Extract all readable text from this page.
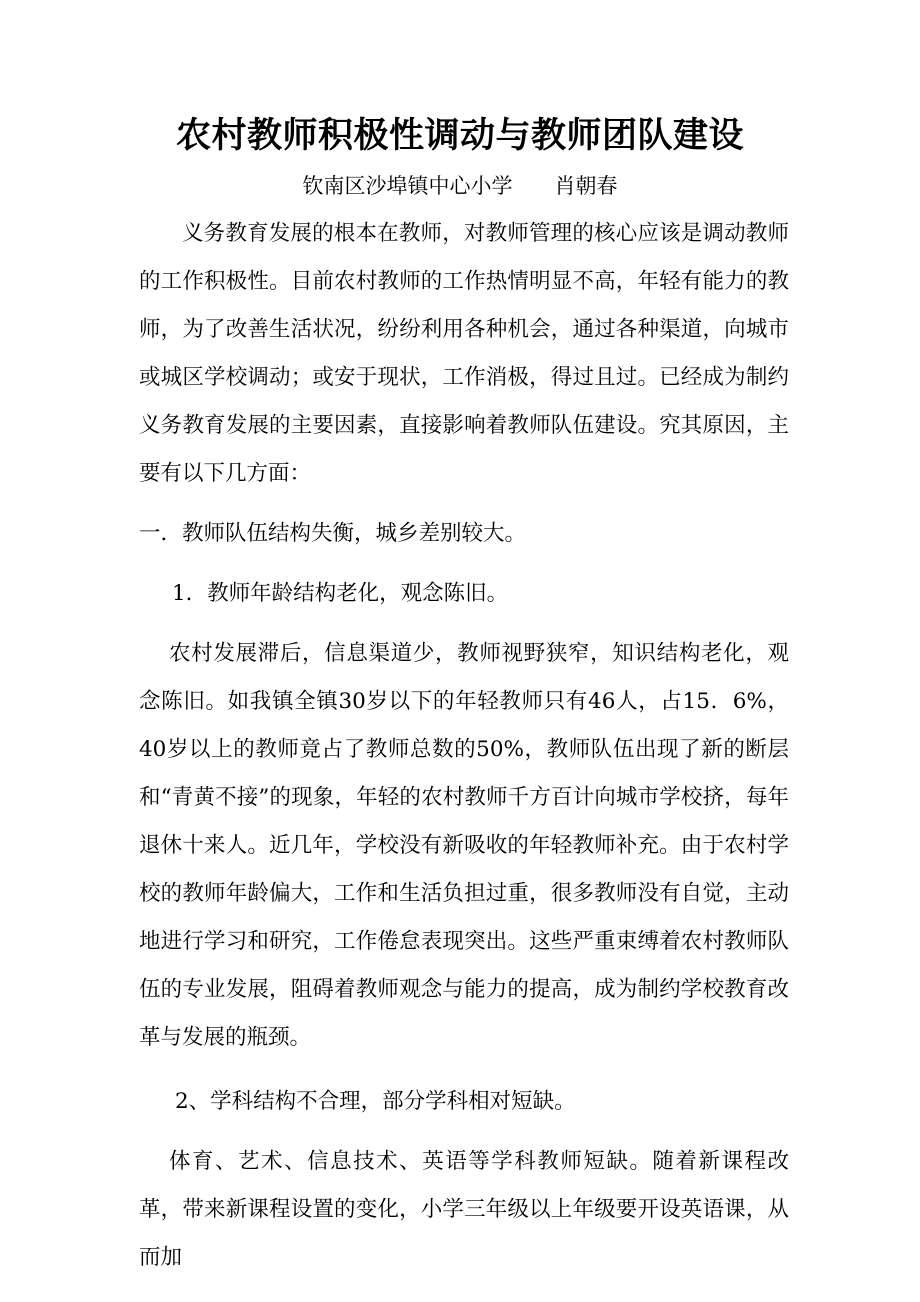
农村教师积极性调动与教师团队建设
钦南区沙埠镇中心小学 肖朝春

义务教育发展的根本在教师，对教师管理的核心应该是调动教师的工作积极性。目前农村教师的工作热情明显不高，年轻有能力的教师，为了改善生活状况，纷纷利用各种机会，通过各种渠道，向城市或城区学校调动；或安于现状，工作消极，得过且过。已经成为制约义务教育发展的主要因素，直接影响着教师队伍建设。究其原因，主要有以下几方面：

一．教师队伍结构失衡，城乡差别较大。

1．教师年龄结构老化，观念陈旧。

农村发展滞后，信息渠道少，教师视野狭窄，知识结构老化，观念陈旧。如我镇全镇30岁以下的年轻教师只有46人，占15．6%，40岁以上的教师竟占了教师总数的50%，教师队伍出现了新的断层和“青黄不接”的现象，年轻的农村教师千方百计向城市学校挤，每年退休十来人。近几年，学校没有新吸收的年轻教师补充。由于农村学校的教师年龄偏大，工作和生活负担过重，很多教师没有自觉，主动地进行学习和研究，工作倦怠表现突出。这些严重束缚着农村教师队伍的专业发展，阻碍着教师观念与能力的提高，成为制约学校教育改革与发展的瓶颈。

2、学科结构不合理，部分学科相对短缺。

体育、艺术、信息技术、英语等学科教师短缺。随着新课程改革，带来新课程设置的变化，小学三年级以上年级要开设英语课，从而加
